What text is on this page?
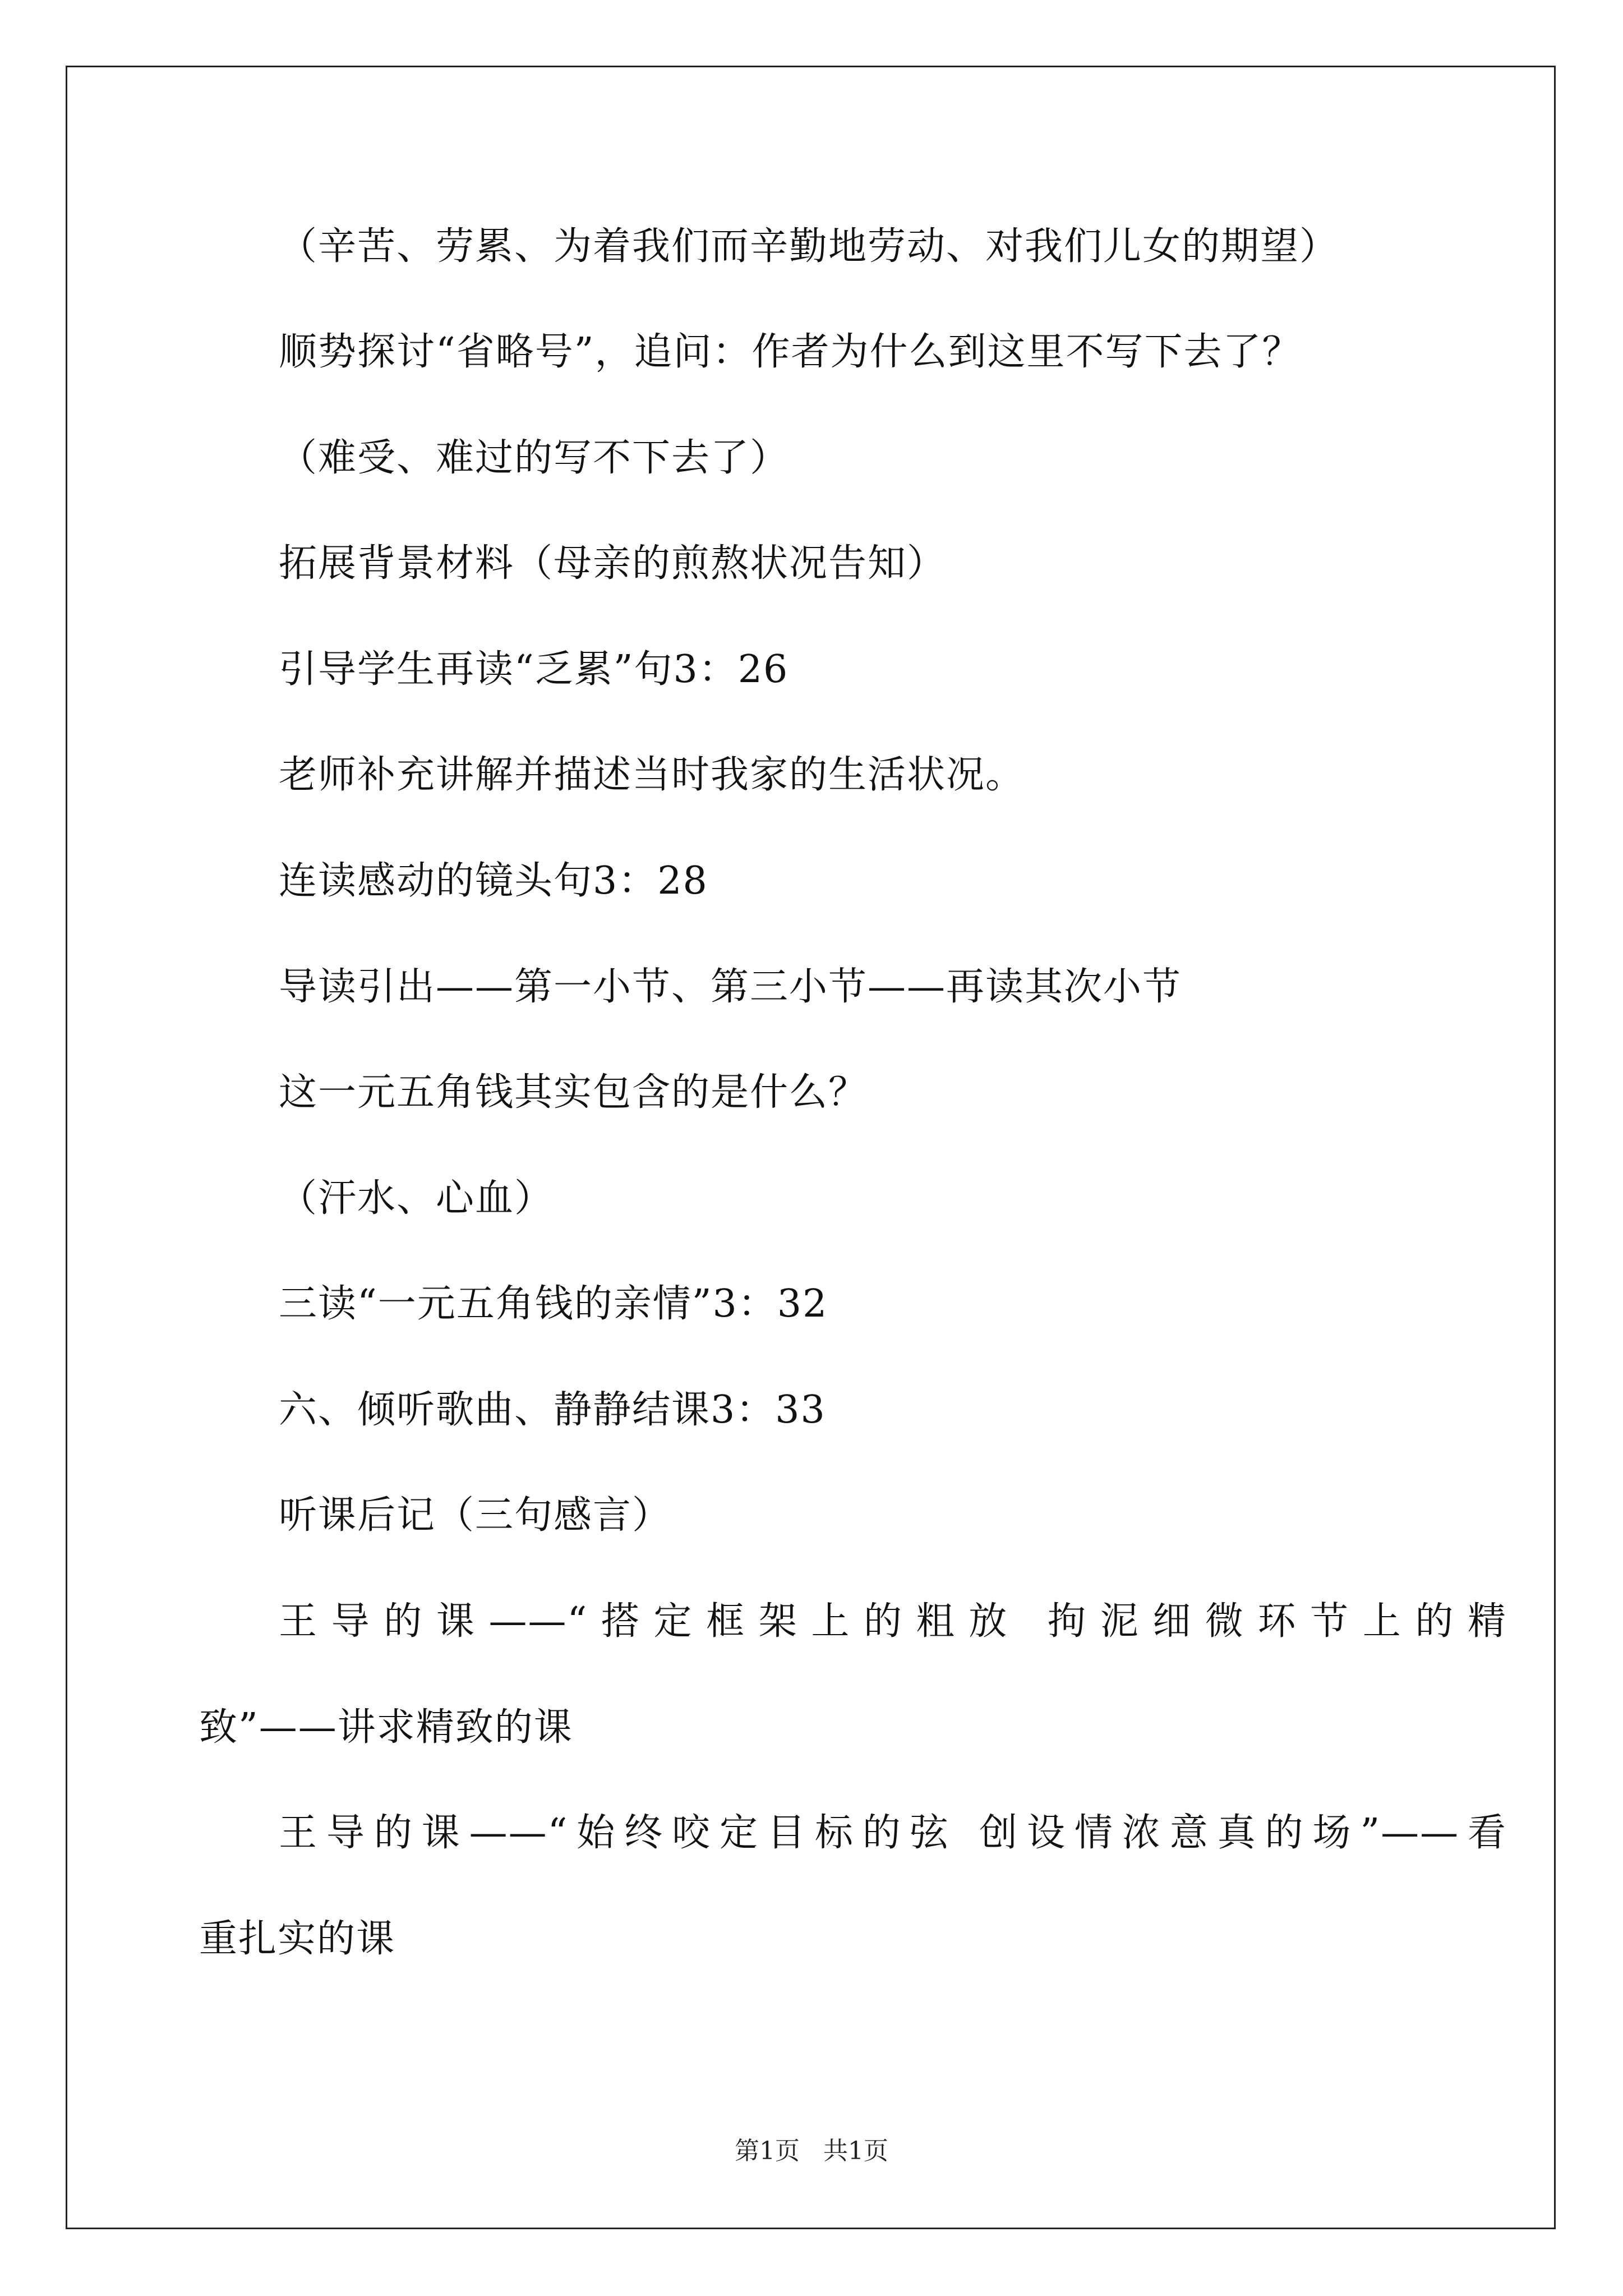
（辛苦、劳累、为着我们而辛勤地劳动、对我们儿女的期望）
顺势探讨“省略号”，追问：作者为什么到这里不写下去了？
（难受、难过的写不下去了）
拓展背景材料（母亲的煎熬状况告知）
引导学生再读“乏累”句3：26
老师补充讲解并描述当时我家的生活状况。
连读感动的镜头句3：28
导读引出——第一小节、第三小节——再读其次小节
这一元五角钱其实包含的是什么？
（汗水、心血）
三读“一元五角钱的亲情”3：32
六、倾听歌曲、静静结课3：33
听课后记（三句感言）
王导的课——“搭定框架上的粗放 拘泥细微环节上的精
致”——讲求精致的课
王导的课——“始终咬定目标的弦 创设情浓意真的场”——看
重扎实的课
第1页   共1页
